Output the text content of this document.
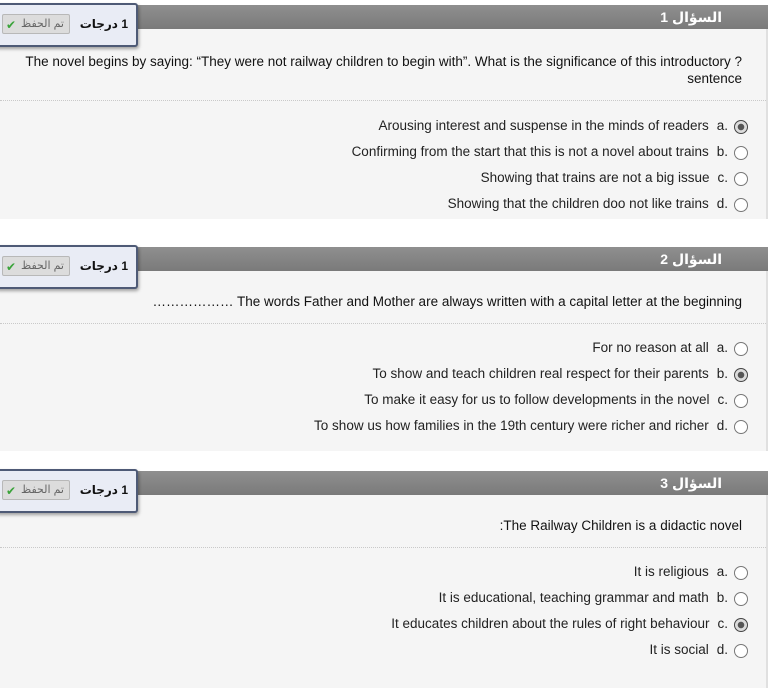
السؤال 1
✔ تم الحفظ	1 درجات
The novel begins by saying: “They were not railway children to begin with”. What is the significance of this introductory ?sentence
Arousing interest and suspense in the minds of readers a.
Confirming from the start that this is not a novel about trains b.
Showing that trains are not a big issue c.
Showing that the children doo not like trains d.
السؤال 2
✔ تم الحفظ	1 درجات
……………… The words Father and Mother are always written with a capital letter at the beginning
For no reason at all a.
To show and teach children real respect for their parents b.
To make it easy for us to follow developments in the novel c.
To show us how families in the 19th century were richer and richer d.
السؤال 3
✔ تم الحفظ	1 درجات
:The Railway Children is a didactic novel
It is religious a.
It is educational, teaching grammar and math b.
It educates children about the rules of right behaviour c.
It is social d.
